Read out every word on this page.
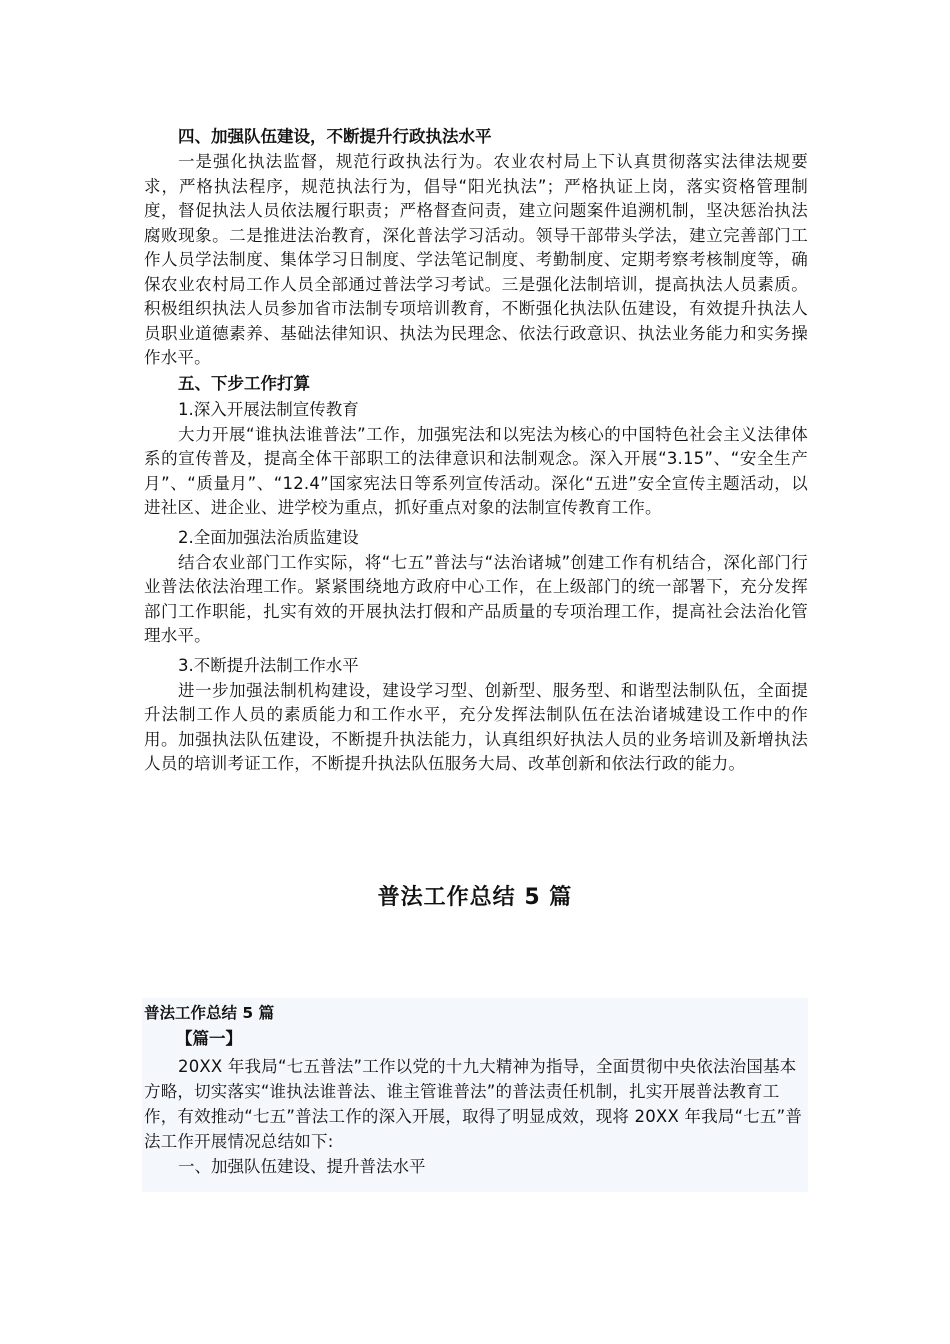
四、加强队伍建设，不断提升行政执法水平

一是强化执法监督，规范行政执法行为。农业农村局上下认真贯彻落实法律法规要求，严格执法程序，规范执法行为，倡导“阳光执法”；严格执证上岗，落实资格管理制度，督促执法人员依法履行职责；严格督查问责，建立问题案件追溯机制，坚决惩治执法腐败现象。二是推进法治教育，深化普法学习活动。领导干部带头学法，建立完善部门工作人员学法制度、集体学习日制度、学法笔记制度、考勤制度、定期考察考核制度等，确保农业农村局工作人员全部通过普法学习考试。三是强化法制培训，提高执法人员素质。积极组织执法人员参加省市法制专项培训教育，不断强化执法队伍建设，有效提升执法人员职业道德素养、基础法律知识、执法为民理念、依法行政意识、执法业务能力和实务操作水平。

五、下步工作打算

1.深入开展法制宣传教育

大力开展“谁执法谁普法”工作，加强宪法和以宪法为核心的中国特色社会主义法律体系的宣传普及，提高全体干部职工的法律意识和法制观念。深入开展“3.15”、“安全生产月”、“质量月”、“12.4”国家宪法日等系列宣传活动。深化“五进”安全宣传主题活动，以进社区、进企业、进学校为重点，抓好重点对象的法制宣传教育工作。

2.全面加强法治质监建设

结合农业部门工作实际，将“七五”普法与“法治诸城”创建工作有机结合，深化部门行业普法依法治理工作。紧紧围绕地方政府中心工作，在上级部门的统一部署下，充分发挥部门工作职能，扎实有效的开展执法打假和产品质量的专项治理工作，提高社会法治化管理水平。

3.不断提升法制工作水平

进一步加强法制机构建设，建设学习型、创新型、服务型、和谐型法制队伍，全面提升法制工作人员的素质能力和工作水平，充分发挥法制队伍在法治诸城建设工作中的作用。加强执法队伍建设，不断提升执法能力，认真组织好执法人员的业务培训及新增执法人员的培训考证工作，不断提升执法队伍服务大局、改革创新和依法行政的能力。

普法工作总结 5 篇

普法工作总结 5 篇

【篇一】

20XX 年我局“七五普法”工作以党的十九大精神为指导，全面贯彻中央依法治国基本方略，切实落实“谁执法谁普法、谁主管谁普法”的普法责任机制，扎实开展普法教育工作，有效推动“七五”普法工作的深入开展，取得了明显成效，现将 20XX 年我局“七五”普法工作开展情况总结如下:

一、加强队伍建设、提升普法水平
